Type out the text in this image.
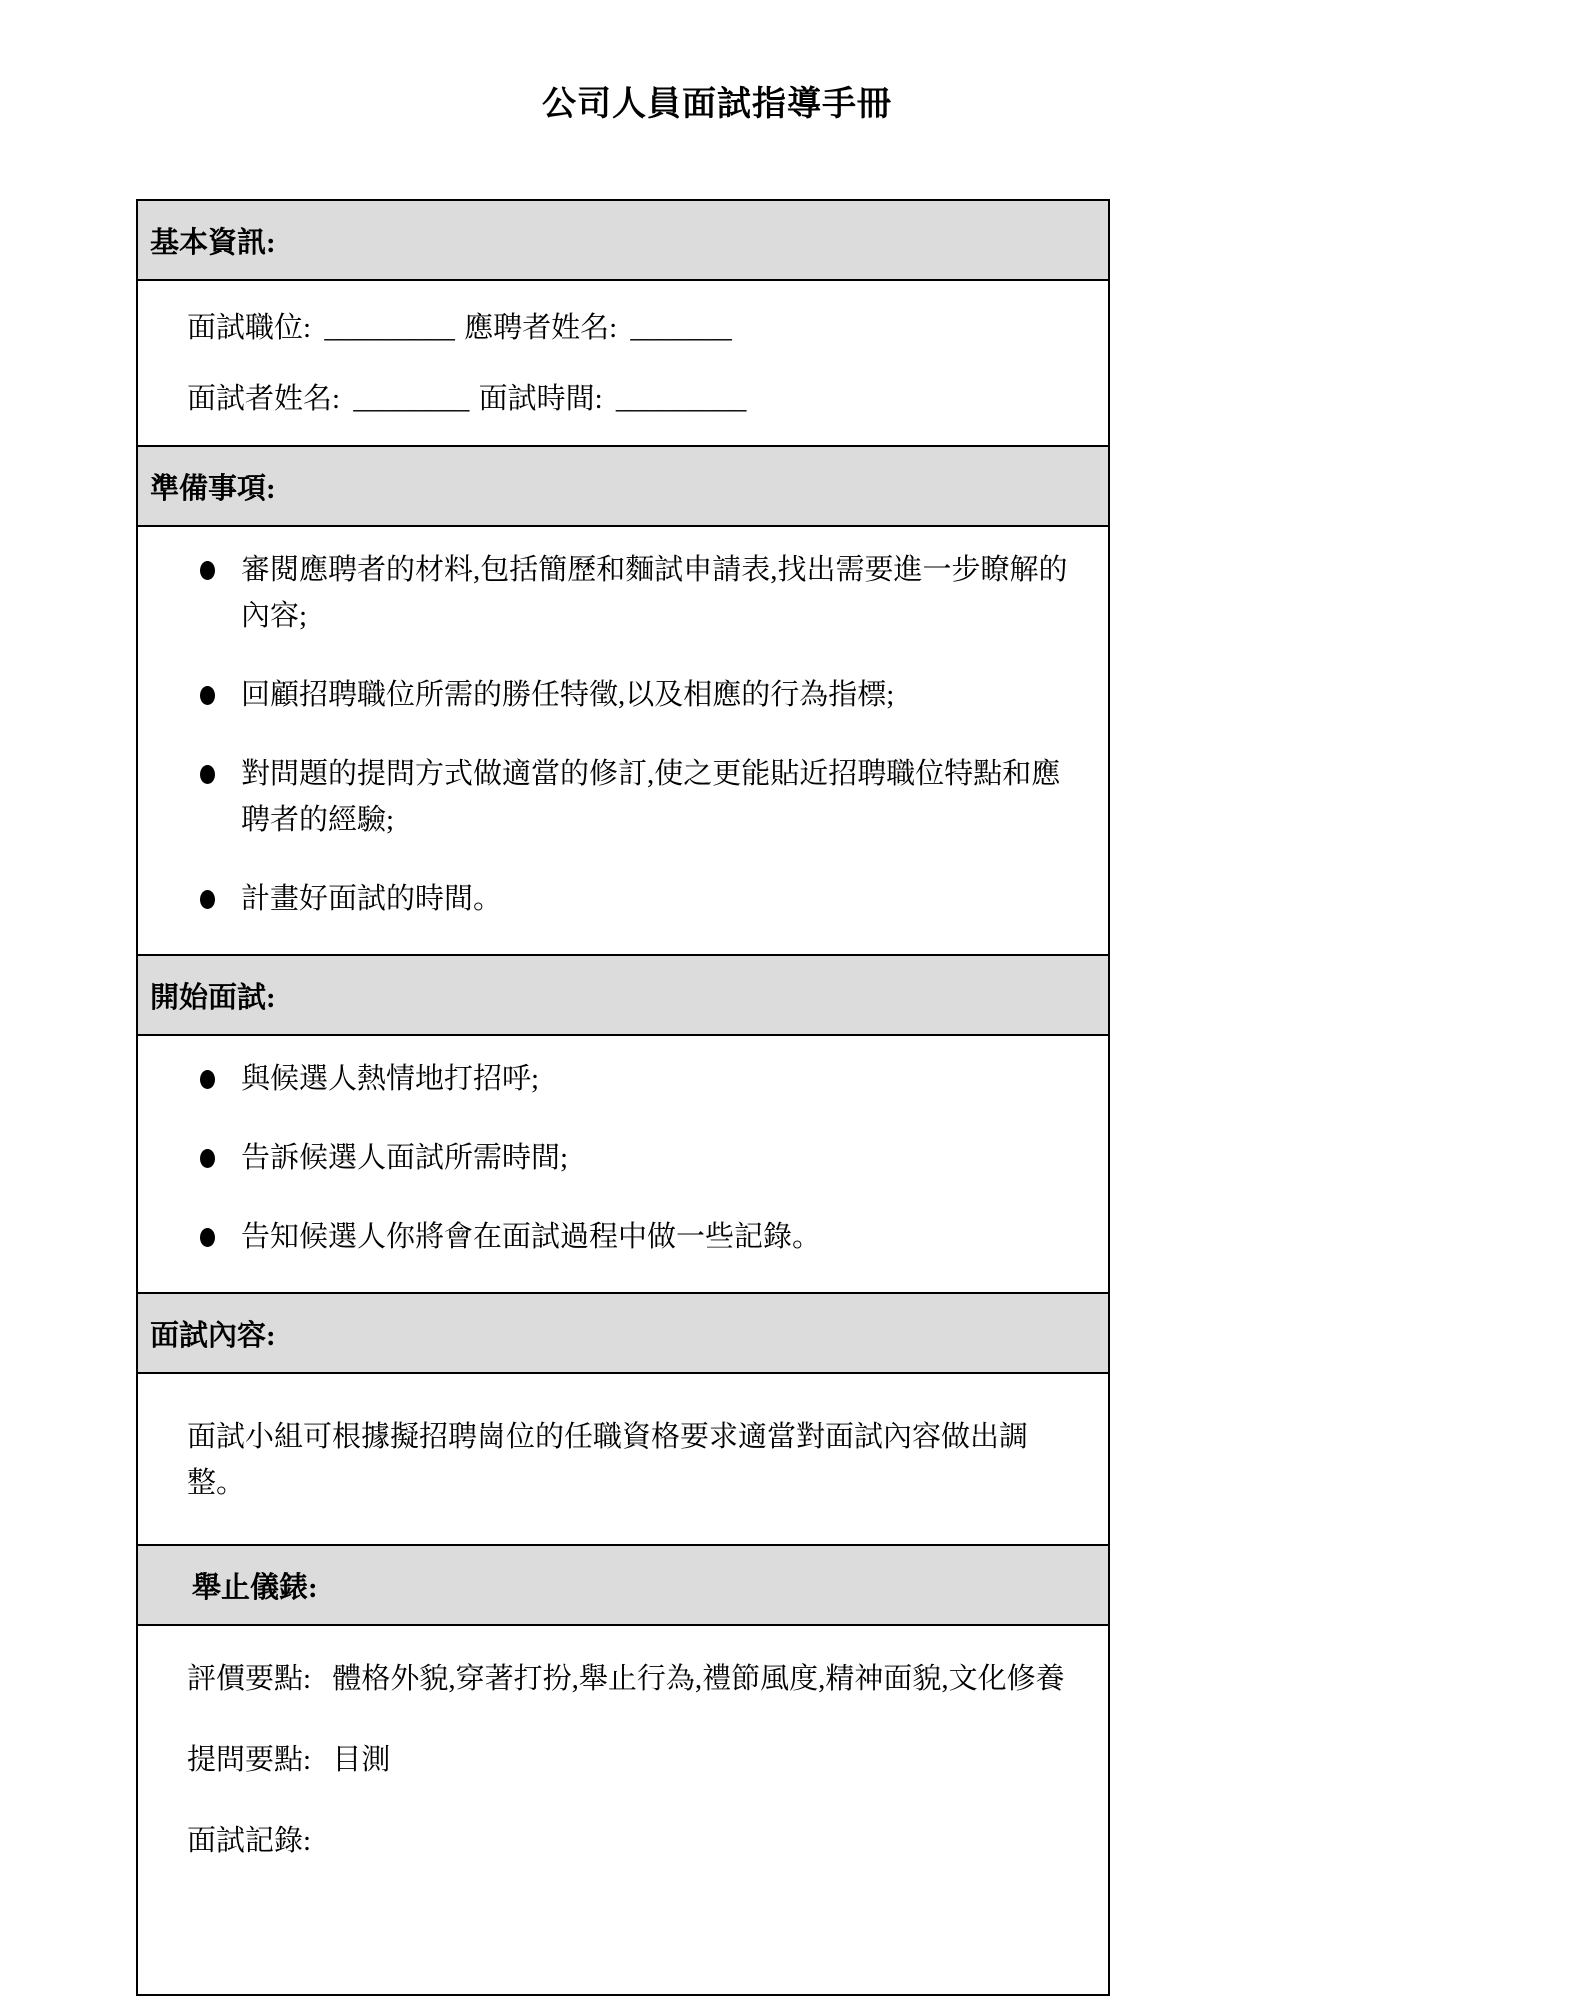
公司人員面試指導手冊
基本資訊:
面試職位: _________ 應聘者姓名: _______
面試者姓名: ________ 面試時間: _________
準備事項:
審閱應聘者的材料,包括簡歷和麵試申請表,找出需要進一步瞭解的內容;
回顧招聘職位所需的勝任特徵,以及相應的行為指標;
對問題的提問方式做適當的修訂,使之更能貼近招聘職位特點和應聘者的經驗;
計畫好面試的時間。
開始面試:
與候選人熱情地打招呼;
告訴候選人面試所需時間;
告知候選人你將會在面試過程中做一些記錄。
面試內容:
面試小組可根據擬招聘崗位的任職資格要求適當對面試內容做出調整。
舉止儀錶:
評價要點: 體格外貌,穿著打扮,舉止行為,禮節風度,精神面貌,文化修養
提問要點: 目測
面試記錄:
